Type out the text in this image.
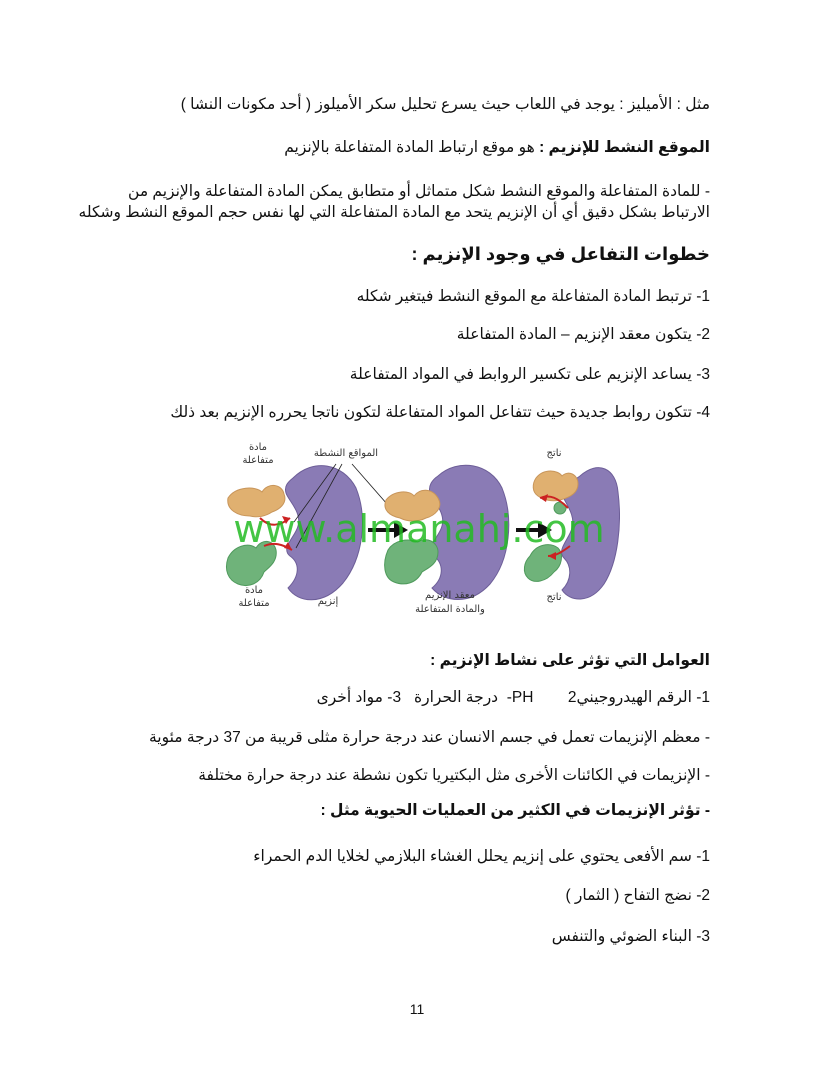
مثل : الأميليز : يوجد في اللعاب حيث يسرع تحليل سكر الأميلوز ( أحد مكونات النشا )
الموقع النشط للإنزيم : هو موقع ارتباط المادة المتفاعلة بالإنزيم
- للمادة المتفاعلة والموقع النشط شكل متماثل أو متطابق يمكن المادة المتفاعلة والإنزيم من
الارتباط بشكل دقيق أي أن الإنزيم يتحد مع المادة المتفاعلة التي لها نفس حجم الموقع النشط وشكله
خطوات التفاعل في وجود الإنزيم :
1- ترتبط المادة المتفاعلة مع الموقع النشط فيتغير شكله
2- يتكون معقد الإنزيم – المادة المتفاعلة
3- يساعد الإنزيم على تكسير الروابط في المواد المتفاعلة
4- تتكون روابط جديدة حيث تتفاعل المواد المتفاعلة لتكون ناتجا يحرره الإنزيم بعد ذلك
مادة
متفاعلة
المواقع النشطة	ناتج
مادة
متفاعلة	إنزيم
معقد الإنزيم
والمادة المتفاعلة
ناتج
www.almanahj.com
العوامل التي تؤثر على نشاط الإنزيم :
1- الرقم الهيدروجينيPH        2-  درجة الحرارة   3- مواد أخرى
- معظم الإنزيمات تعمل في جسم الانسان عند درجة حرارة مثلى قريبة من 37 درجة مئوية
- الإنزيمات في الكائنات الأخرى مثل البكتيريا تكون نشطة عند درجة حرارة مختلفة
- تؤثر الإنزيمات في الكثير من العمليات الحيوية مثل :
1- سم الأفعى يحتوي على إنزيم يحلل الغشاء البلازمي لخلايا الدم الحمراء
2- نضج التفاح ( الثمار )
3- البناء الضوئي والتنفس
11
